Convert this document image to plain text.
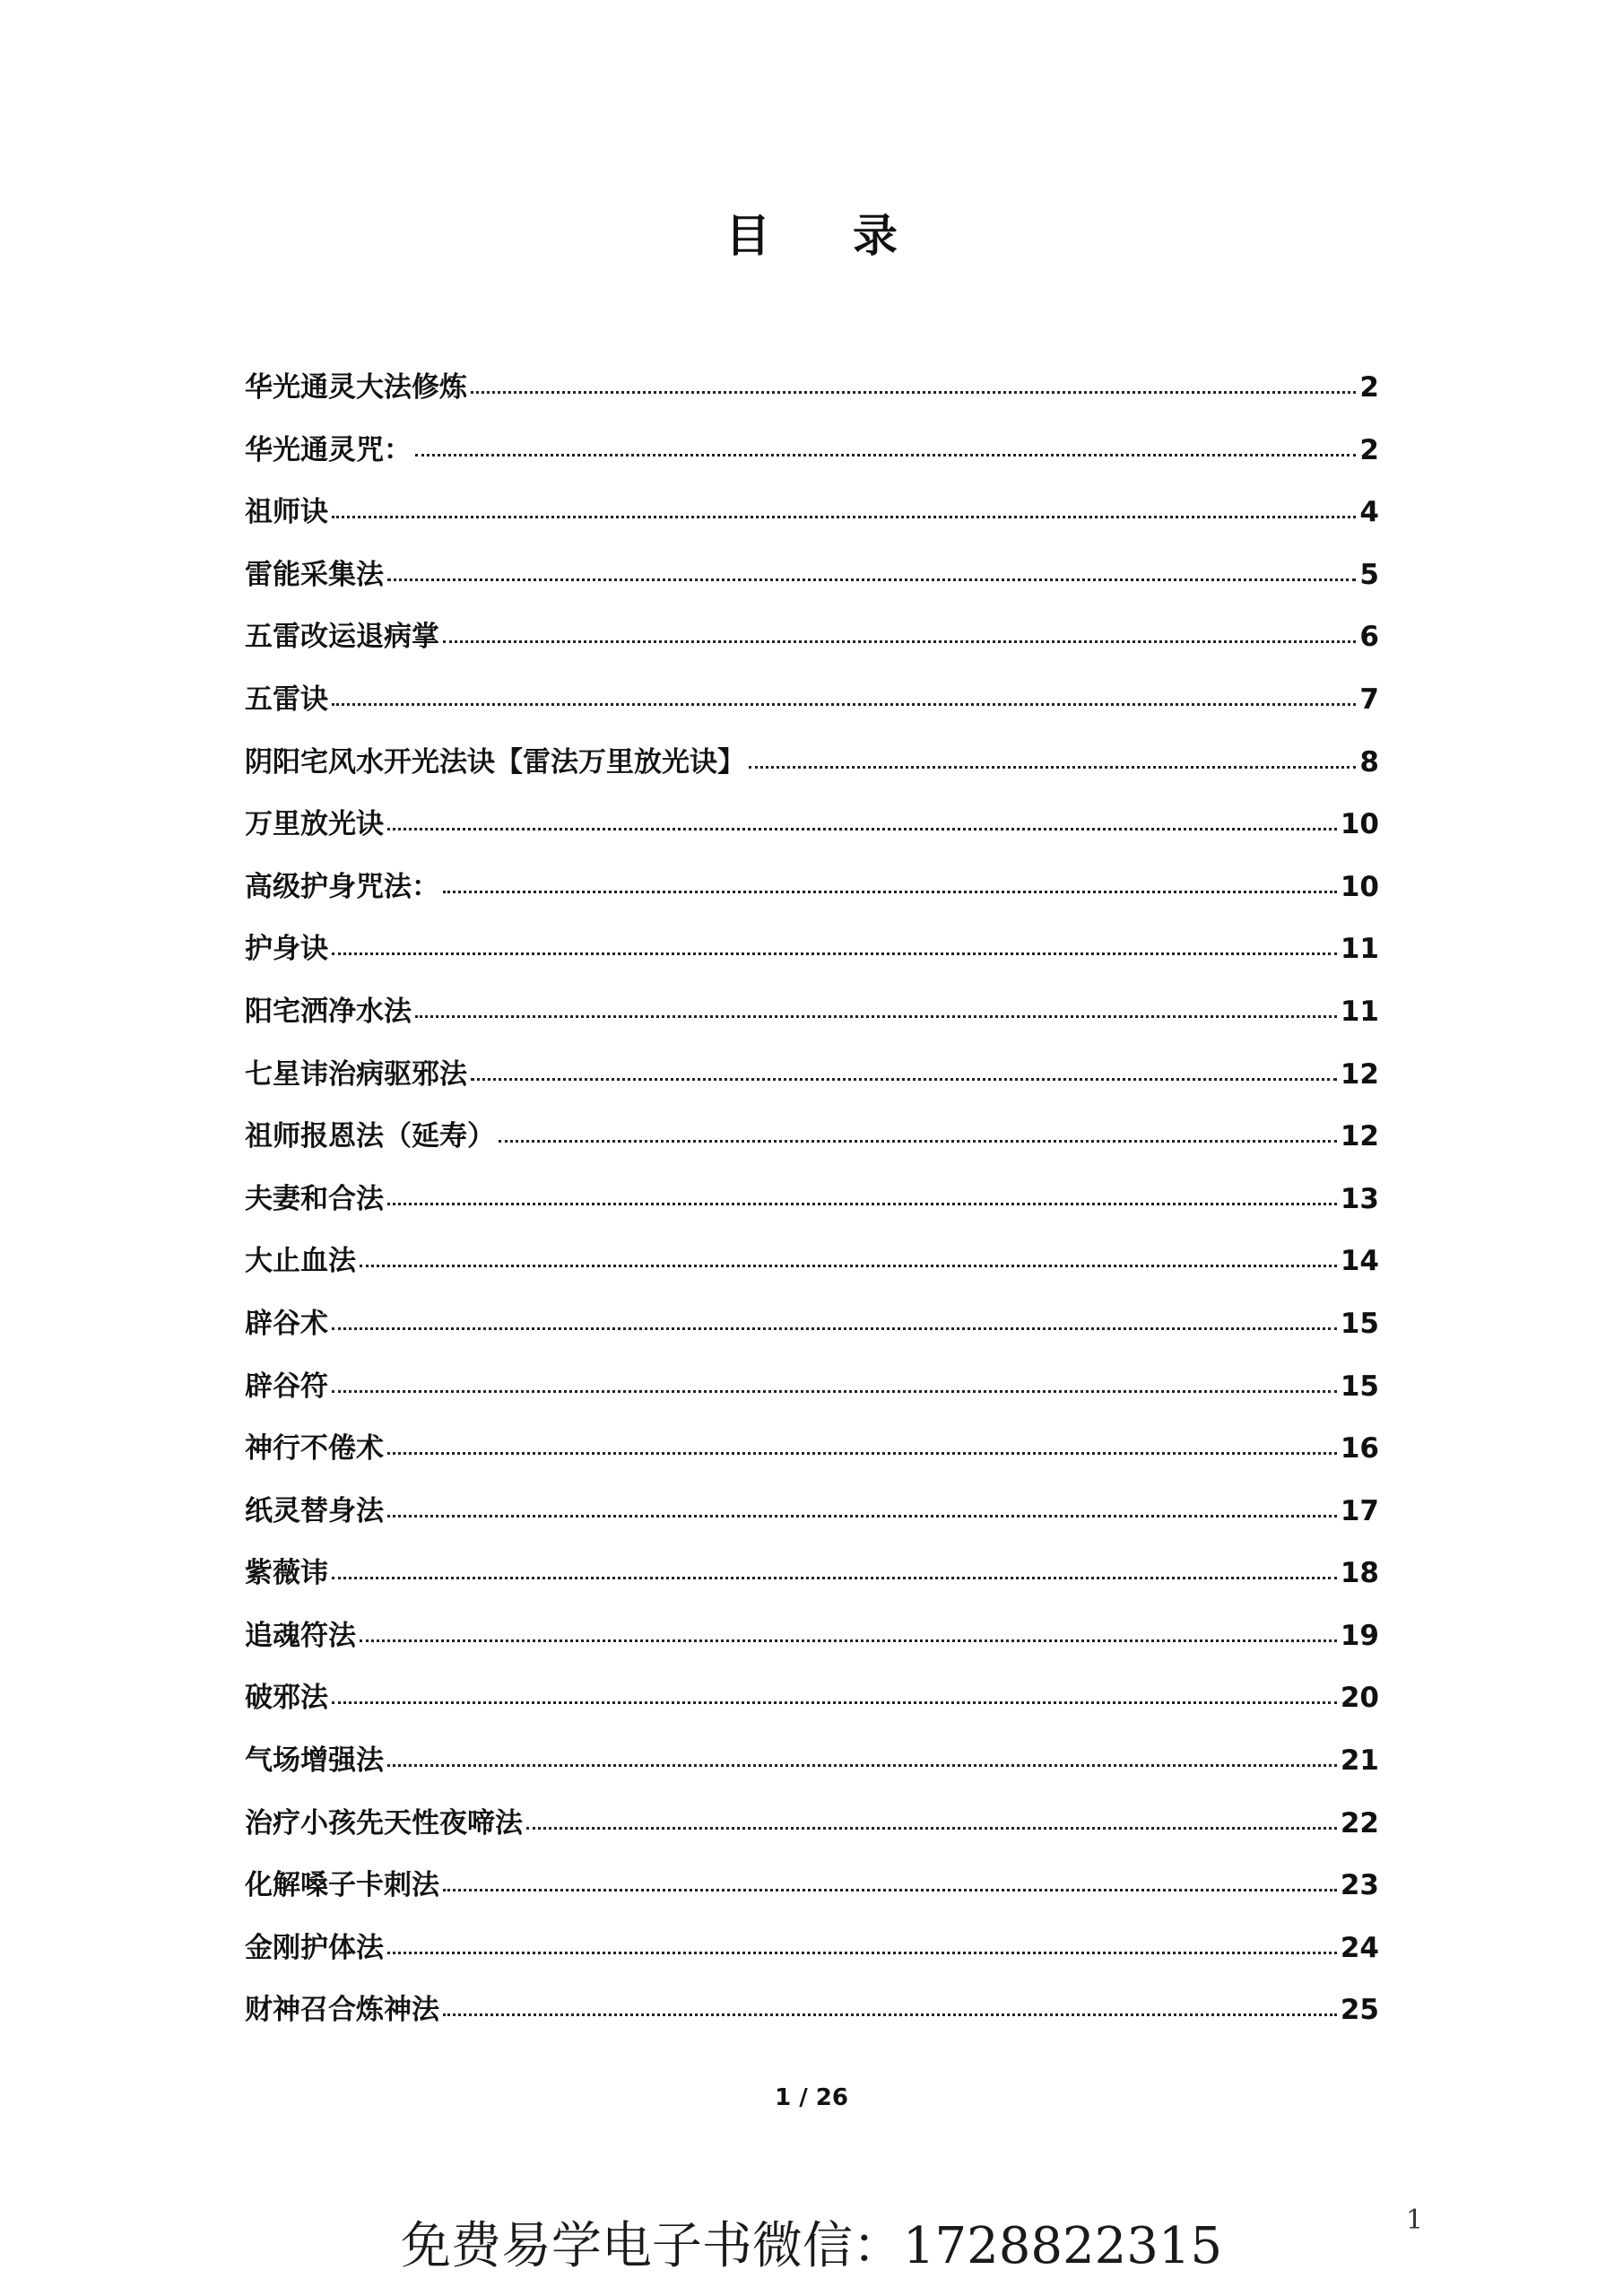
目录
华光通灵大法修炼	2
华光通灵咒：	2
祖师诀	4
雷能采集法	5
五雷改运退病掌	6
五雷诀	7
阴阳宅风水开光法诀【雷法万里放光诀】	8
万里放光诀	10
高级护身咒法：	10
护身诀	11
阳宅洒净水法	11
七星讳治病驱邪法	12
祖师报恩法（延寿）	12
夫妻和合法	13
大止血法	14
辟谷术	15
辟谷符	15
神行不倦术	16
纸灵替身法	17
紫薇讳	18
追魂符法	19
破邪法	20
气场增强法	21
治疗小孩先天性夜啼法	22
化解嗓子卡刺法	23
金刚护体法	24
财神召合炼神法	25

1 / 26

免费易学电子书微信：1728822315	1
